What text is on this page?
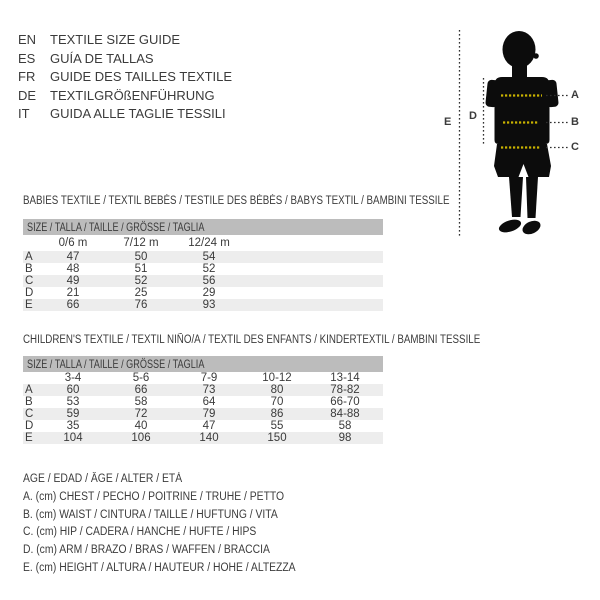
EN	TEXTILE SIZE GUIDE
ES	GUÍA DE TALLAS
FR	GUIDE DES TAILLES TEXTILE
DE	TEXTILGRÖßENFÜHRUNG
IT	GUIDA ALLE TAGLIE TESSILI
A
B
C
D
E
BABIES TEXTILE / TEXTIL BEBÉS / TESTILE DES BÉBÉS / BABYS TEXTIL / BAMBINI TESSILE
SIZE / TALLA / TAILLE / GRÖSSE / TAGLIA
0/6 m	7/12 m	12/24 m
A	47	50	54
B	48	51	52
C	49	52	56
D	21	25	29
E	66	76	93
CHILDREN'S TEXTILE / TEXTIL NIÑO/A / TEXTIL DES ENFANTS / KINDERTEXTIL / BAMBINI TESSILE
SIZE / TALLA / TAILLE / GRÖSSE / TAGLIA
3-4	5-6	7-9	10-12	13-14
A	60	66	73	80	78-82
B	53	58	64	70	66-70
C	59	72	79	86	84-88
D	35	40	47	55	58
E	104	106	140	150	98
AGE / EDAD / ÂGE / ALTER / ETÀ
A. (cm) CHEST / PECHO / POITRINE / TRUHE / PETTO
B. (cm) WAIST / CINTURA / TAILLE / HÜFTUNG / VITA
C. (cm) HIP / CADERA / HANCHE / HÜFTE / HIPS
D. (cm) ARM / BRAZO / BRAS / WAFFEN / BRACCIA
E. (cm) HEIGHT / ALTURA / HAUTEUR / HÖHE / ALTEZZA
